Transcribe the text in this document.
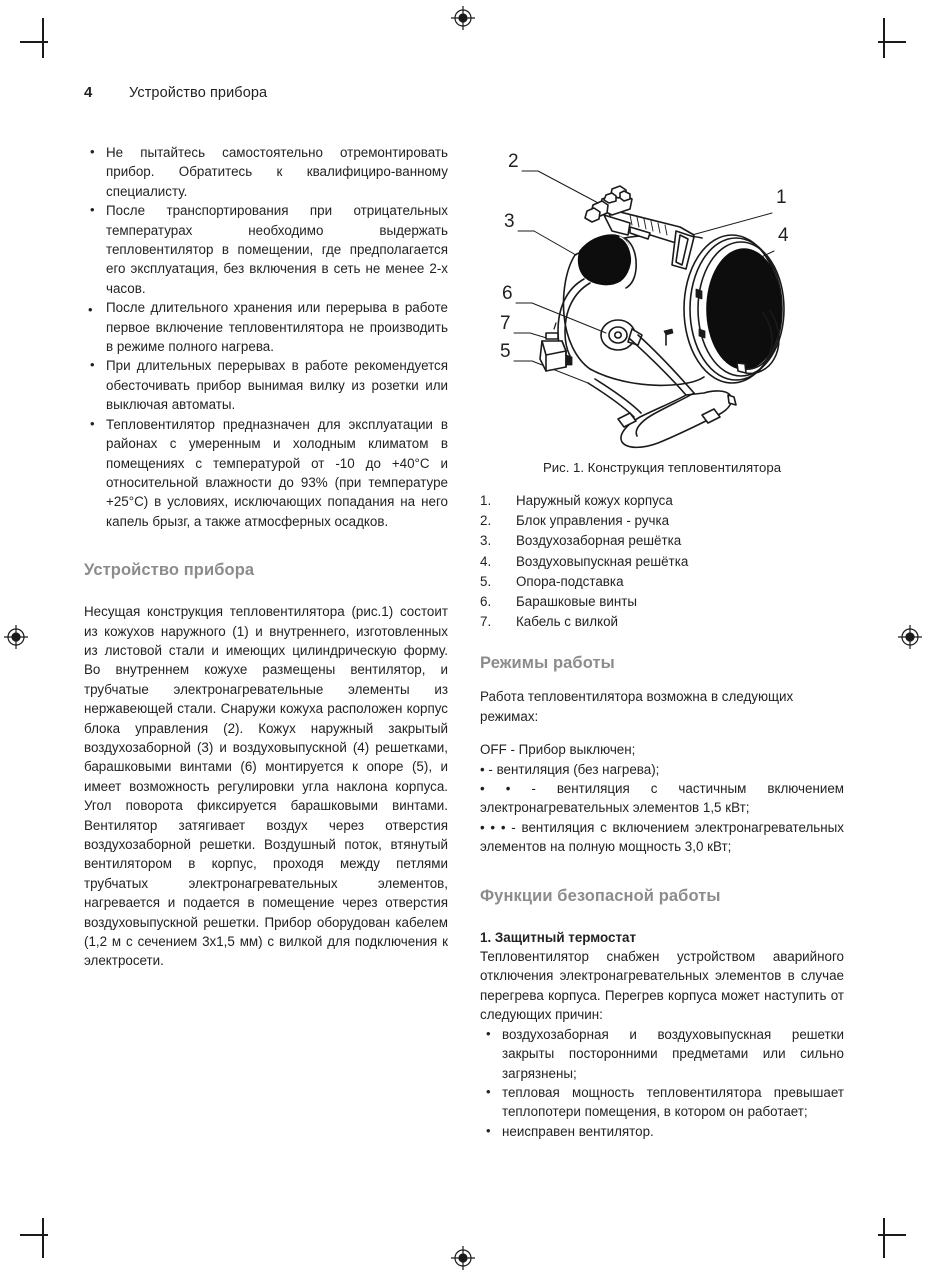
4	Устройство прибора
• Не пытайтесь самостоятельно отремонтировать прибор. Обратитесь к квалифициро-ванному специалисту.
• После транспортирования при отрицательных температурах необходимо выдержать тепловентилятор в помещении, где предполагается его эксплуатация, без включения в сеть не менее 2-х часов.
• После длительного хранения или перерыва в работе первое включение тепловентилятора не производить в режиме полного нагрева.
• При длительных перерывах в работе рекомендуется обесточивать прибор вынимая вилку из розетки или выключая автоматы.
• Тепловентилятор предназначен для эксплуатации в районах с умеренным и холодным климатом в помещениях с температурой от -10 до +40°C и относительной влажности до 93% (при температуре +25°C) в условиях, исключающих попадания на него капель брызг, а также атмосферных осадков.
Устройство прибора

Несущая конструкция тепловентилятора (рис.1) состоит из кожухов наружного (1) и внутреннего, изготовленных из листовой стали и имеющих цилиндрическую форму. Во внутреннем кожухе размещены вентилятор, и трубчатые электронагревательные элементы из нержавеющей стали. Снаружи кожуха расположен корпус блока управления (2). Кожух наружный закрытый воздухозаборной (3) и воздуховыпускной (4) решетками, барашковыми винтами (6) монтируется к опоре (5), и имеет возможность регулировки угла наклона корпуса. Угол поворота фиксируется барашковыми винтами. Вентилятор затягивает воздух через отверстия воздухозаборной решетки. Воздушный поток, втянутый вентилятором в корпус, проходя между петлями трубчатых электронагревательных элементов, нагревается и подается в помещение через отверстия воздуховыпускной решетки. Прибор оборудован кабелем (1,2 м с сечением 3х1,5 мм) с вилкой для подключения к электросети.

2
3
6
7
5
1
4
Рис. 1. Конструкция тепловентилятора
1.	Наружный кожух корпуса
2.	Блок управления - ручка
3.	Воздухозаборная решётка
4.	Воздуховыпускная решётка
5.	Опора-подставка
6.	Барашковые винты
7.	Кабель с вилкой
Режимы работы

Работа тепловентилятора возможна в следующих режимах:

OFF - Прибор выключен;

• - вентиляция (без нагрева);

• • - вентиляция с частичным включением электронагревательных элементов 1,5 кВт;

• • • - вентиляция с включением электронагревательных элементов на полную мощность 3,0 кВт;

Функции безопасной работы

1. Защитный термостат

Тепловентилятор снабжен устройством аварийного отключения электронагревательных элементов в случае перегрева корпуса. Перегрев корпуса может наступить от следующих причин:

• воздухозаборная и воздуховыпускная решетки закрыты посторонними предметами или сильно загрязнены;
• тепловая мощность тепловентилятора превышает теплопотери помещения, в котором он работает;
• неисправен вентилятор.
